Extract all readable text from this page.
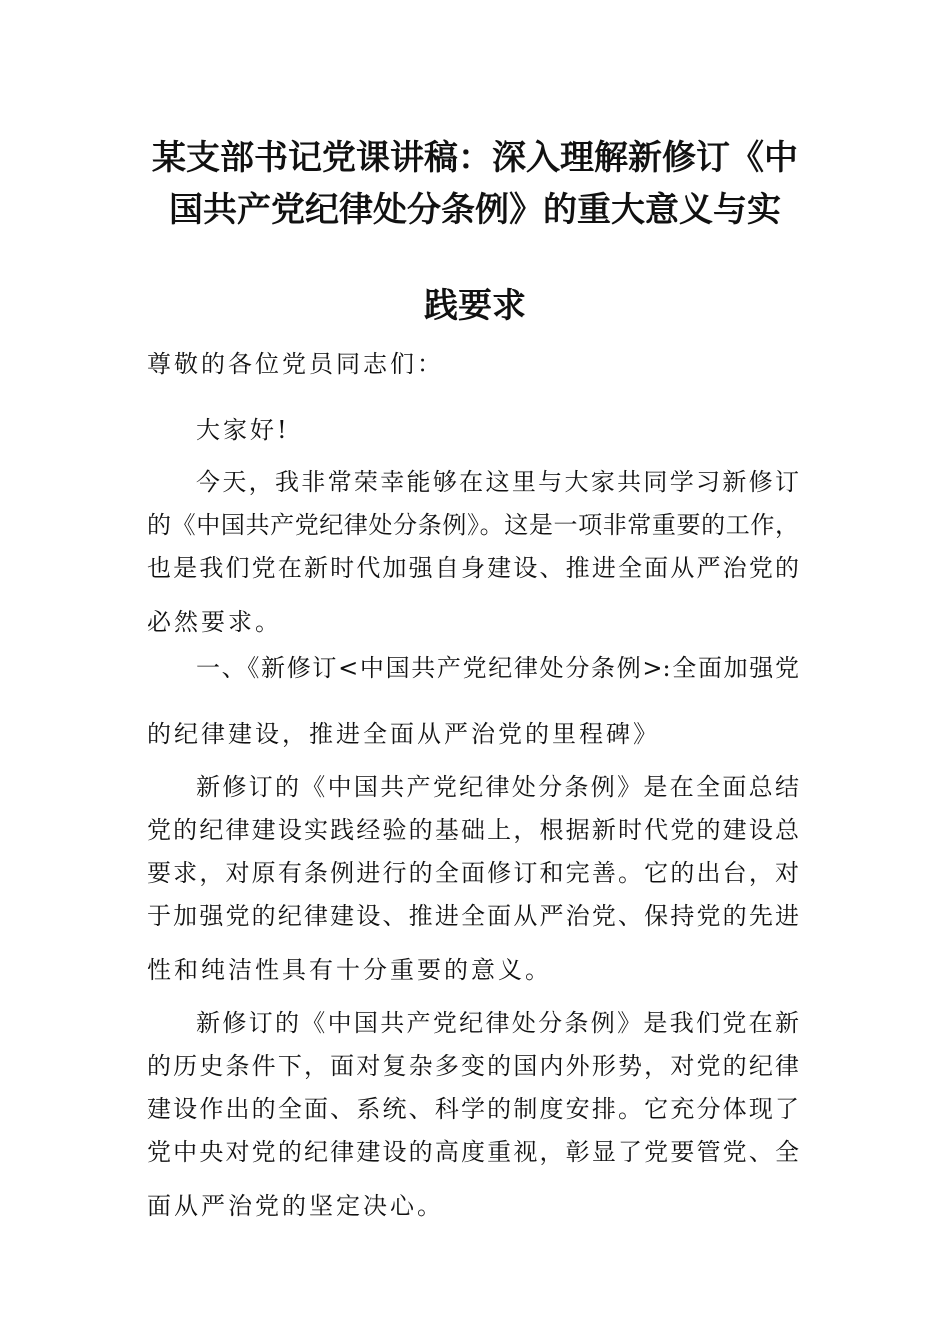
某支部书记党课讲稿：深入理解新修订《中
国共产党纪律处分条例》的重大意义与实
践要求
尊敬的各位党员同志们：
大家好!
今天，我非常荣幸能够在这里与大家共同学习新修订
的《中国共产党纪律处分条例》。这是一项非常重要的工作，
也是我们党在新时代加强自身建设、推进全面从严治党的
必然要求。
一、《新修订<中国共产党纪律处分条例>:全面加强党
的纪律建设，推进全面从严治党的里程碑》
新修订的《中国共产党纪律处分条例》是在全面总结
党的纪律建设实践经验的基础上，根据新时代党的建设总
要求，对原有条例进行的全面修订和完善。它的出台，对
于加强党的纪律建设、推进全面从严治党、保持党的先进
性和纯洁性具有十分重要的意义。
新修订的《中国共产党纪律处分条例》是我们党在新
的历史条件下，面对复杂多变的国内外形势，对党的纪律
建设作出的全面、系统、科学的制度安排。它充分体现了
党中央对党的纪律建设的高度重视，彰显了党要管党、全
面从严治党的坚定决心。
